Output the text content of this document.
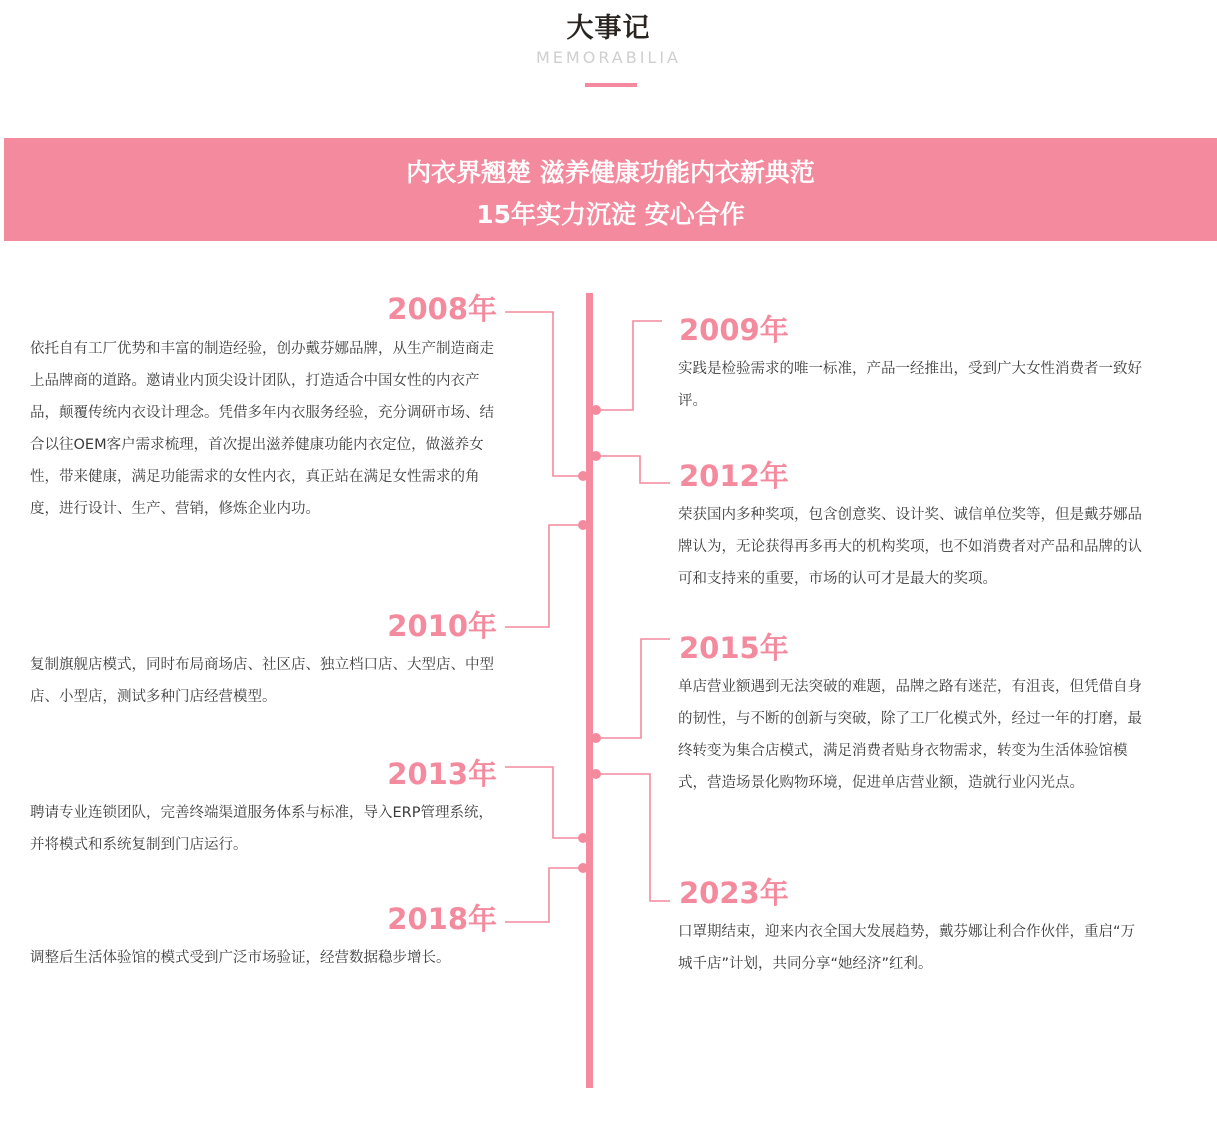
大事记
MEMORABILIA
内衣界翘楚 滋养健康功能内衣新典范
15年实力沉淀 安心合作
2008年

依托自有工厂优势和丰富的制造经验，创办戴芬娜品牌，从生产制造商走上品牌商的道路。邀请业内顶尖设计团队，打造适合中国女性的内衣产品，颠覆传统内衣设计理念。凭借多年内衣服务经验，充分调研市场、结合以往OEM客户需求梳理，首次提出滋养健康功能内衣定位，做滋养女性，带来健康，满足功能需求的女性内衣，真正站在满足女性需求的角度，进行设计、生产、营销，修炼企业内功。

2010年

复制旗舰店模式，同时布局商场店、社区店、独立档口店、大型店、中型店、小型店，测试多种门店经营模型。

2013年

聘请专业连锁团队，完善终端渠道服务体系与标准，导入ERP管理系统，并将模式和系统复制到门店运行。

2018年

调整后生活体验馆的模式受到广泛市场验证，经营数据稳步增长。

2009年

实践是检验需求的唯一标准，产品一经推出，受到广大女性消费者一致好评。

2012年

荣获国内多种奖项，包含创意奖、设计奖、诚信单位奖等，但是戴芬娜品牌认为，无论获得再多再大的机构奖项，也不如消费者对产品和品牌的认可和支持来的重要，市场的认可才是最大的奖项。

2015年

单店营业额遇到无法突破的难题，品牌之路有迷茫，有沮丧，但凭借自身的韧性，与不断的创新与突破，除了工厂化模式外，经过一年的打磨，最终转变为集合店模式，满足消费者贴身衣物需求，转变为生活体验馆模式，营造场景化购物环境，促进单店营业额，造就行业闪光点。

2023年

口罩期结束，迎来内衣全国大发展趋势，戴芬娜让利合作伙伴，重启“万城千店”计划，共同分享“她经济”红利。
